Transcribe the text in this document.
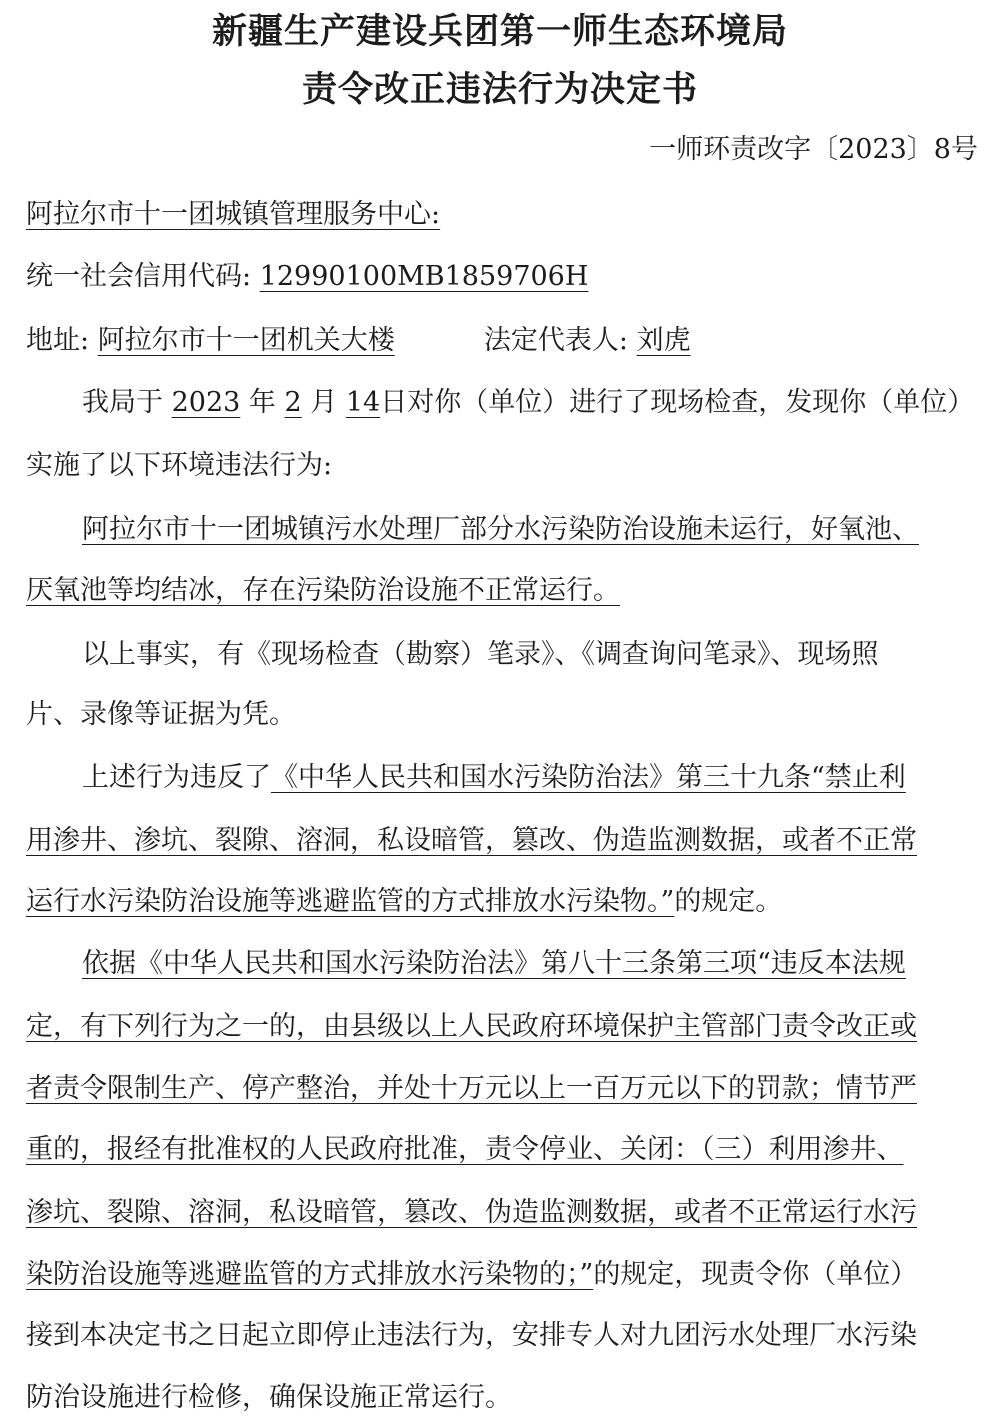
新疆生产建设兵团第一师生态环境局
责令改正违法行为决定书
一师环责改字〔2023〕8号
阿拉尔市十一团城镇管理服务中心:
统一社会信用代码: 12990100MB1859706H
地址: 阿拉尔市十一团机关大楼	法定代表人: 刘虎
我局于 2023 年 2 月 14日对你（单位）进行了现场检查，发现你（单位）
实施了以下环境违法行为:
阿拉尔市十一团城镇污水处理厂部分水污染防治设施未运行，好氧池、
厌氧池等均结冰，存在污染防治设施不正常运行。
以上事实，有《现场检查（勘察）笔录》、《调查询问笔录》、现场照
片、录像等证据为凭。
上述行为违反了《中华人民共和国水污染防治法》第三十九条“禁止利
用渗井、渗坑、裂隙、溶洞，私设暗管，篡改、伪造监测数据，或者不正常
运行水污染防治设施等逃避监管的方式排放水污染物。”的规定。
依据《中华人民共和国水污染防治法》第八十三条第三项“违反本法规
定，有下列行为之一的，由县级以上人民政府环境保护主管部门责令改正或
者责令限制生产、停产整治，并处十万元以上一百万元以下的罚款；情节严
重的，报经有批准权的人民政府批准，责令停业、关闭：（三）利用渗井、
渗坑、裂隙、溶洞，私设暗管，篡改、伪造监测数据，或者不正常运行水污
染防治设施等逃避监管的方式排放水污染物的；”的规定，现责令你（单位）
接到本决定书之日起立即停止违法行为，安排专人对九团污水处理厂水污染
防治设施进行检修，确保设施正常运行。
